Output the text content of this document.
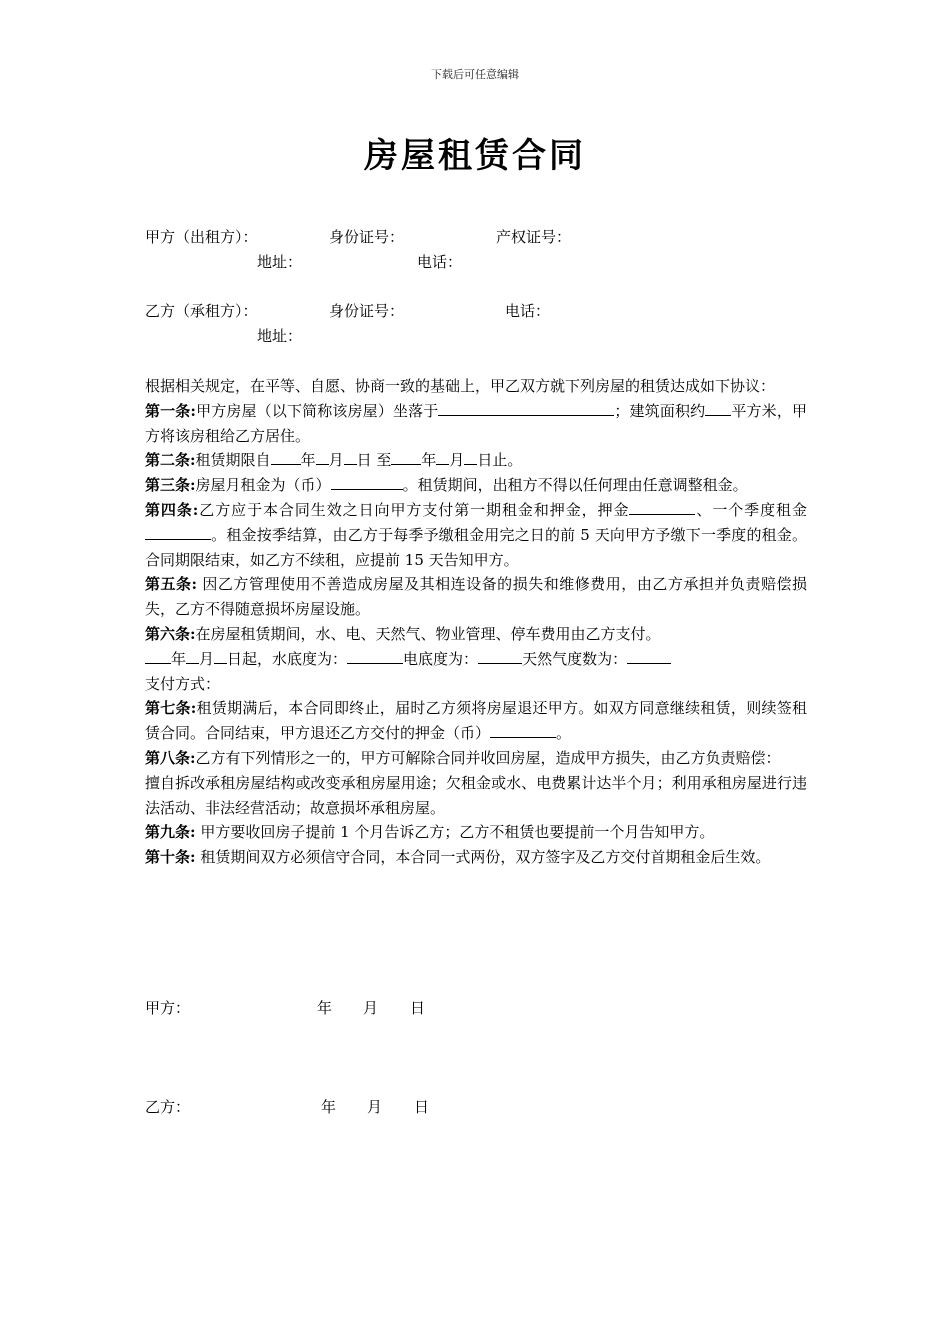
下载后可任意编辑
房屋租赁合同
甲方（出租方）：	身份证号：	产权证号：
地址：	电话：
乙方（承租方）：	身份证号：	电话：
地址：

根据相关规定，在平等、自愿、协商一致的基础上，甲乙双方就下列房屋的租赁达成如下协议：

第一条:甲方房屋（以下简称该房屋）坐落于	；建筑面积约 平方米，甲方将该房租给乙方居住。

第二条:租赁期限自 年 月 日 至 年 月 日止。

第三条:房屋月租金为（币）	。租赁期间，出租方不得以任何理由任意调整租金。

第四条:乙方应于本合同生效之日向甲方支付第一期租金和押金，押金	、一个季度租金。租金按季结算，由乙方于每季予缴租金用完之日的前 5 天向甲方予缴下一季度的租金。合同期限结束，如乙方不续租，应提前 15 天告知甲方。

第五条: 因乙方管理使用不善造成房屋及其相连设备的损失和维修费用，由乙方承担并负责赔偿损失，乙方不得随意损坏房屋设施。

第六条:在房屋租赁期间，水、电、天然气、物业管理、停车费用由乙方支付。

年 月 日起，水底度为：	电底度为：	天然气度数为：

支付方式：

第七条:租赁期满后，本合同即终止，届时乙方须将房屋退还甲方。如双方同意继续租赁，则续签租赁合同。合同结束，甲方退还乙方交付的押金（币）	。

第八条:乙方有下列情形之一的，甲方可解除合同并收回房屋，造成甲方损失，由乙方负责赔偿：

擅自拆改承租房屋结构或改变承租房屋用途；欠租金或水、电费累计达半个月；利用承租房屋进行违法活动、非法经营活动；故意损坏承租房屋。

第九条: 甲方要收回房子提前 1 个月告诉乙方；乙方不租赁也要提前一个月告知甲方。

第十条: 租赁期间双方必须信守合同，本合同一式两份，双方签字及乙方交付首期租金后生效。

甲方：	年 月 日
乙方：	年 月 日
